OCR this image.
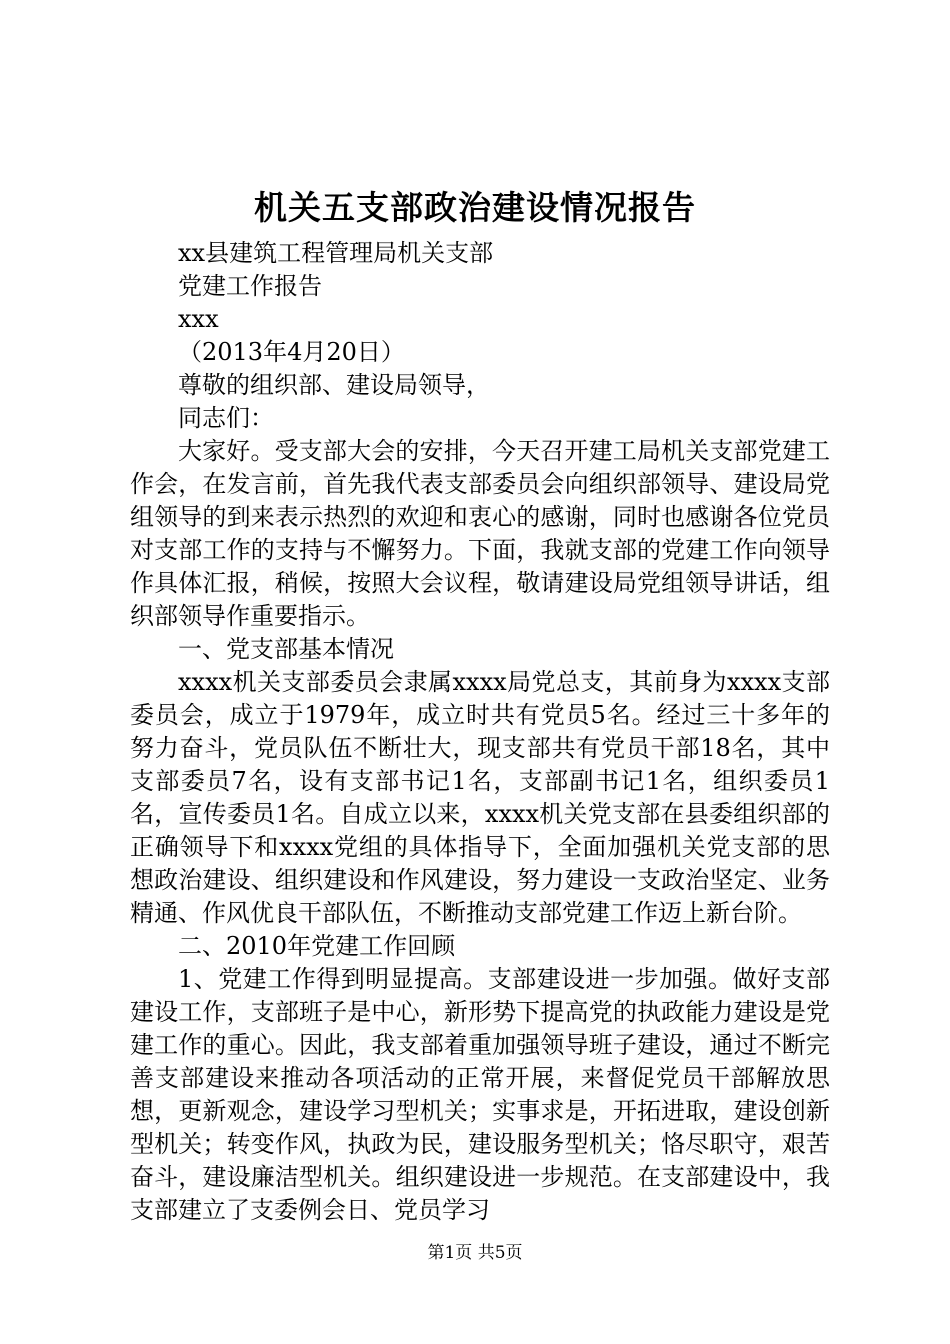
机关五支部政治建设情况报告
xx县建筑工程管理局机关支部
党建工作报告
xxx
（2013年4月20日）
尊敬的组织部、建设局领导，
同志们：

大家好。受支部大会的安排，今天召开建工局机关支部党建工作会，在发言前，首先我代表支部委员会向组织部领导、建设局党组领导的到来表示热烈的欢迎和衷心的感谢，同时也感谢各位党员对支部工作的支持与不懈努力。下面，我就支部的党建工作向领导作具体汇报，稍候，按照大会议程，敬请建设局党组领导讲话，组织部领导作重要指示。

一、党支部基本情况

xxxx机关支部委员会隶属xxxx局党总支，其前身为xxxx支部委员会，成立于1979年，成立时共有党员5名。经过三十多年的努力奋斗，党员队伍不断壮大，现支部共有党员干部18名，其中支部委员7名，设有支部书记1名，支部副书记1名，组织委员1名，宣传委员1名。自成立以来，xxxx机关党支部在县委组织部的正确领导下和xxxx党组的具体指导下，全面加强机关党支部的思想政治建设、组织建设和作风建设，努力建设一支政治坚定、业务精通、作风优良干部队伍，不断推动支部党建工作迈上新台阶。

二、2010年党建工作回顾

1、党建工作得到明显提高。支部建设进一步加强。做好支部建设工作，支部班子是中心，新形势下提高党的执政能力建设是党建工作的重心。因此，我支部着重加强领导班子建设，通过不断完善支部建设来推动各项活动的正常开展，来督促党员干部解放思想，更新观念，建设学习型机关；实事求是，开拓进取，建设创新型机关；转变作风，执政为民，建设服务型机关；恪尽职守，艰苦奋斗，建设廉洁型机关。组织建设进一步规范。在支部建设中，我支部建立了支委例会日、党员学习

第1页 共5页
